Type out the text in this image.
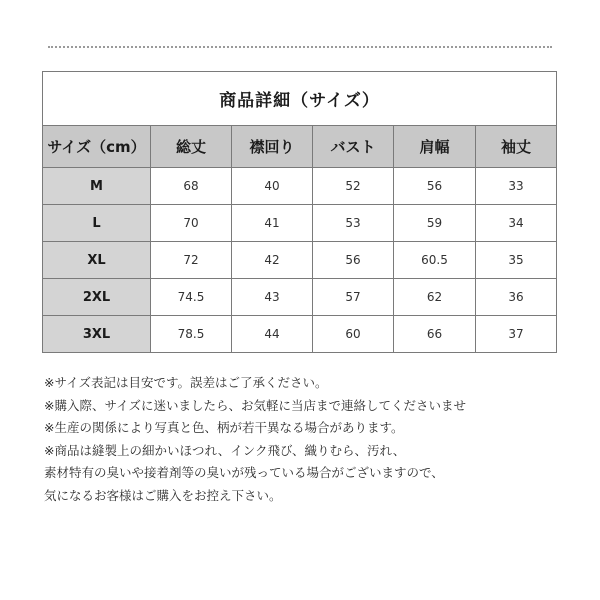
商品詳細（サイズ）					
サイズ（cm）	総丈	襟回り	バスト	肩幅	袖丈
M	68	40	52	56	33
L	70	41	53	59	34
XL	72	42	56	60.5	35
2XL	74.5	43	57	62	36
3XL	78.5	44	60	66	37
※サイズ表記は目安です。誤差はご了承ください。
※購入際、サイズに迷いましたら、お気軽に当店まで連絡してくださいませ
※生産の関係により写真と色、柄が若干異なる場合があります。
※商品は縫製上の細かいほつれ、インク飛び、織りむら、汚れ、
素材特有の臭いや接着剤等の臭いが残っている場合がございますので、
気になるお客様はご購入をお控え下さい。
